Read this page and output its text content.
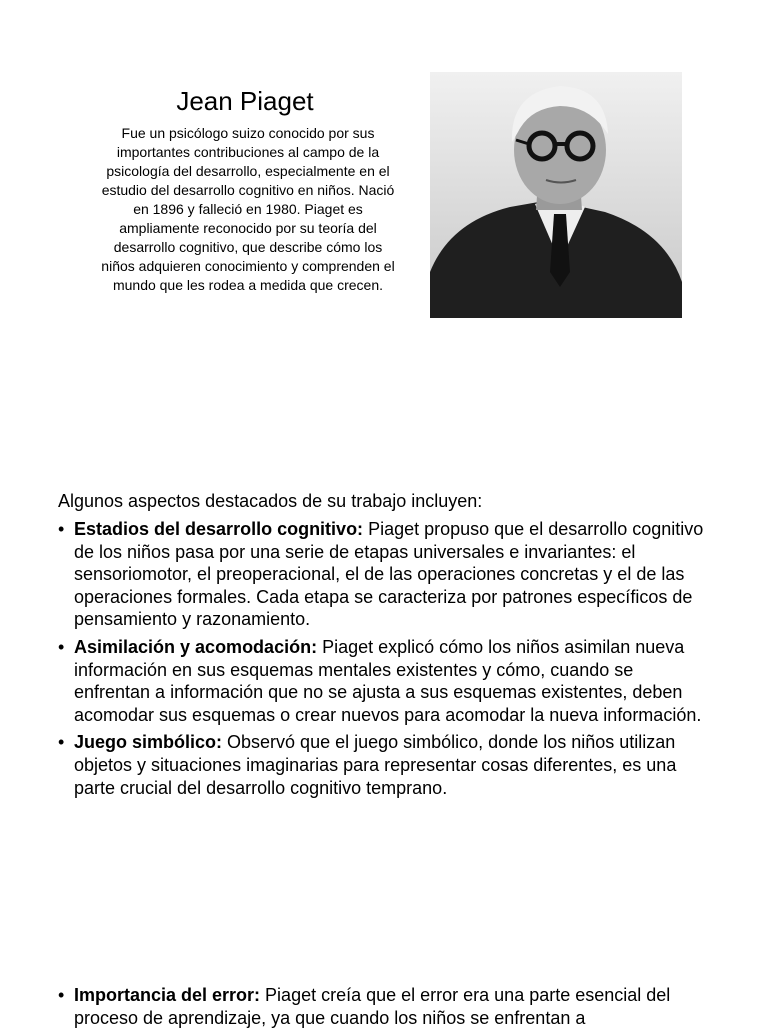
Jean Piaget
Fue un psicólogo suizo conocido por sus importantes contribuciones al campo de la psicología del desarrollo, especialmente en el estudio del desarrollo cognitivo en niños. Nació en 1896 y falleció en 1980. Piaget es ampliamente reconocido por su teoría del desarrollo cognitivo, que describe cómo los niños adquieren conocimiento y comprenden el mundo que les rodea a medida que crecen.
Algunos aspectos destacados de su trabajo incluyen:
• Estadios del desarrollo cognitivo: Piaget propuso que el desarrollo cognitivo de los niños pasa por una serie de etapas universales e invariantes: el sensoriomotor, el preoperacional, el de las operaciones concretas y el de las operaciones formales. Cada etapa se caracteriza por patrones específicos de pensamiento y razonamiento.
• Asimilación y acomodación: Piaget explicó cómo los niños asimilan nueva información en sus esquemas mentales existentes y cómo, cuando se enfrentan a información que no se ajusta a sus esquemas existentes, deben acomodar sus esquemas o crear nuevos para acomodar la nueva información.
• Juego simbólico: Observó que el juego simbólico, donde los niños utilizan objetos y situaciones imaginarias para representar cosas diferentes, es una parte crucial del desarrollo cognitivo temprano.
• Importancia del error: Piaget creía que el error era una parte esencial del proceso de aprendizaje, ya que cuando los niños se enfrentan a
